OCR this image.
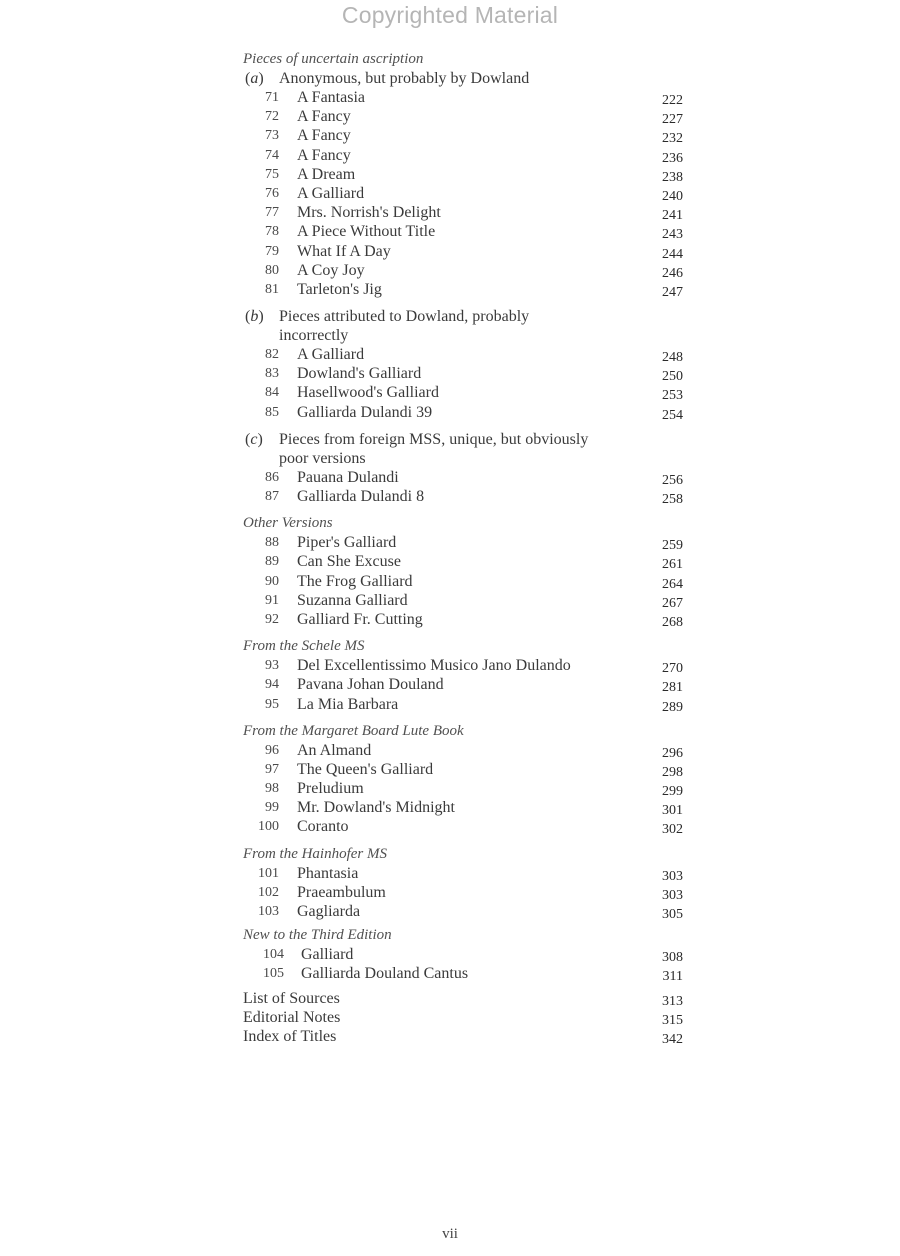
Copyrighted Material
Pieces of uncertain ascription
(a) Anonymous, but probably by Dowland
71 A Fantasia	222
72 A Fancy	227
73 A Fancy	232
74 A Fancy	236
75 A Dream	238
76 A Galliard	240
77 Mrs. Norrish's Delight	241
78 A Piece Without Title	243
79 What If A Day	244
80 A Coy Joy	246
81 Tarleton's Jig	247
(b) Pieces attributed to Dowland, probably
incorrectly
82 A Galliard	248
83 Dowland's Galliard	250
84 Hasellwood's Galliard	253
85 Galliarda Dulandi 39	254
(c) Pieces from foreign MSS, unique, but obviously
poor versions
86 Pauana Dulandi	256
87 Galliarda Dulandi 8	258
Other Versions
88 Piper's Galliard	259
89 Can She Excuse	261
90 The Frog Galliard	264
91 Suzanna Galliard	267
92 Galliard Fr. Cutting	268
From the Schele MS
93 Del Excellentissimo Musico Jano Dulando	270
94 Pavana Johan Douland	281
95 La Mia Barbara	289
From the Margaret Board Lute Book
96 An Almand	296
97 The Queen's Galliard	298
98 Preludium	299
99 Mr. Dowland's Midnight	301
100 Coranto	302
From the Hainhofer MS
101 Phantasia	303
102 Praeambulum	303
103 Gagliarda	305
New to the Third Edition
104 Galliard	308
105 Galliarda Douland Cantus	311
List of Sources	313
Editorial Notes	315
Index of Titles	342
vii
